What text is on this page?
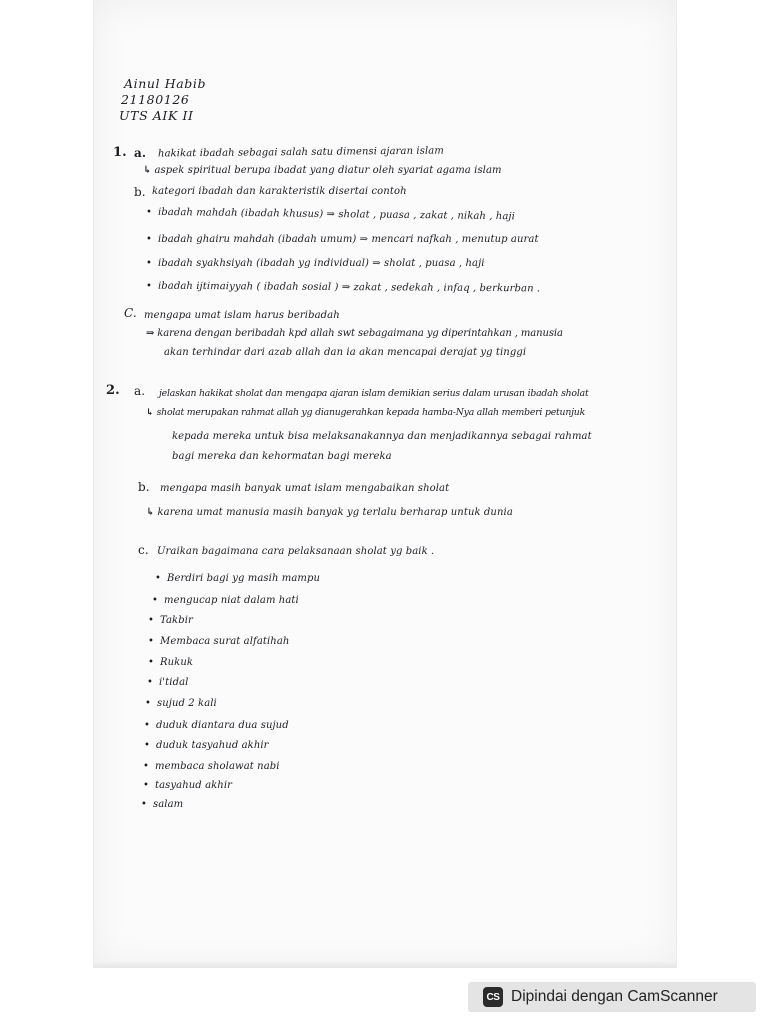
Ainul Habib
21180126
UTS AIK II
1. a. hakikat ibadah sebagai salah satu dimensi ajaran islam
↳ aspek spiritual berupa ibadat yang diatur oleh syariat agama islam
b. kategori ibadah dan karakteristik disertai contoh
• ibadah mahdah (ibadah khusus) ⇒ sholat , puasa , zakat , nikah , haji
• ibadah ghairu mahdah (ibadah umum) ⇒ mencari nafkah , menutup aurat
• ibadah syakhsiyah (ibadah yg individual) ⇒ sholat , puasa , haji
• ibadah ijtimaiyyah ( ibadah sosial ) ⇒ zakat , sedekah , infaq , berkurban .
C. mengapa umat islam harus beribadah
⇒ karena dengan beribadah kpd allah swt sebagaimana yg diperintahkan , manusia
akan terhindar dari azab allah dan ia akan mencapai derajat yg tinggi
2. a. jelaskan hakikat sholat dan mengapa ajaran islam demikian serius dalam urusan ibadah sholat
↳ sholat merupakan rahmat allah yg dianugerahkan kepada hamba-Nya allah memberi petunjuk
kepada mereka untuk bisa melaksanakannya dan menjadikannya sebagai rahmat
bagi mereka dan kehormatan bagi mereka
b. mengapa masih banyak umat islam mengabaikan sholat
↳ karena umat manusia masih banyak yg terlalu berharap untuk dunia
c. Uraikan bagaimana cara pelaksanaan sholat yg baik .
• Berdiri bagi yg masih mampu
• mengucap niat dalam hati
• Takbir
• Membaca surat alfatihah
• Rukuk
• i'tidal
• sujud 2 kali
• duduk diantara dua sujud
• duduk tasyahud akhir
• membaca sholawat nabi
• tasyahud akhir
• salam
CS Dipindai dengan CamScanner
